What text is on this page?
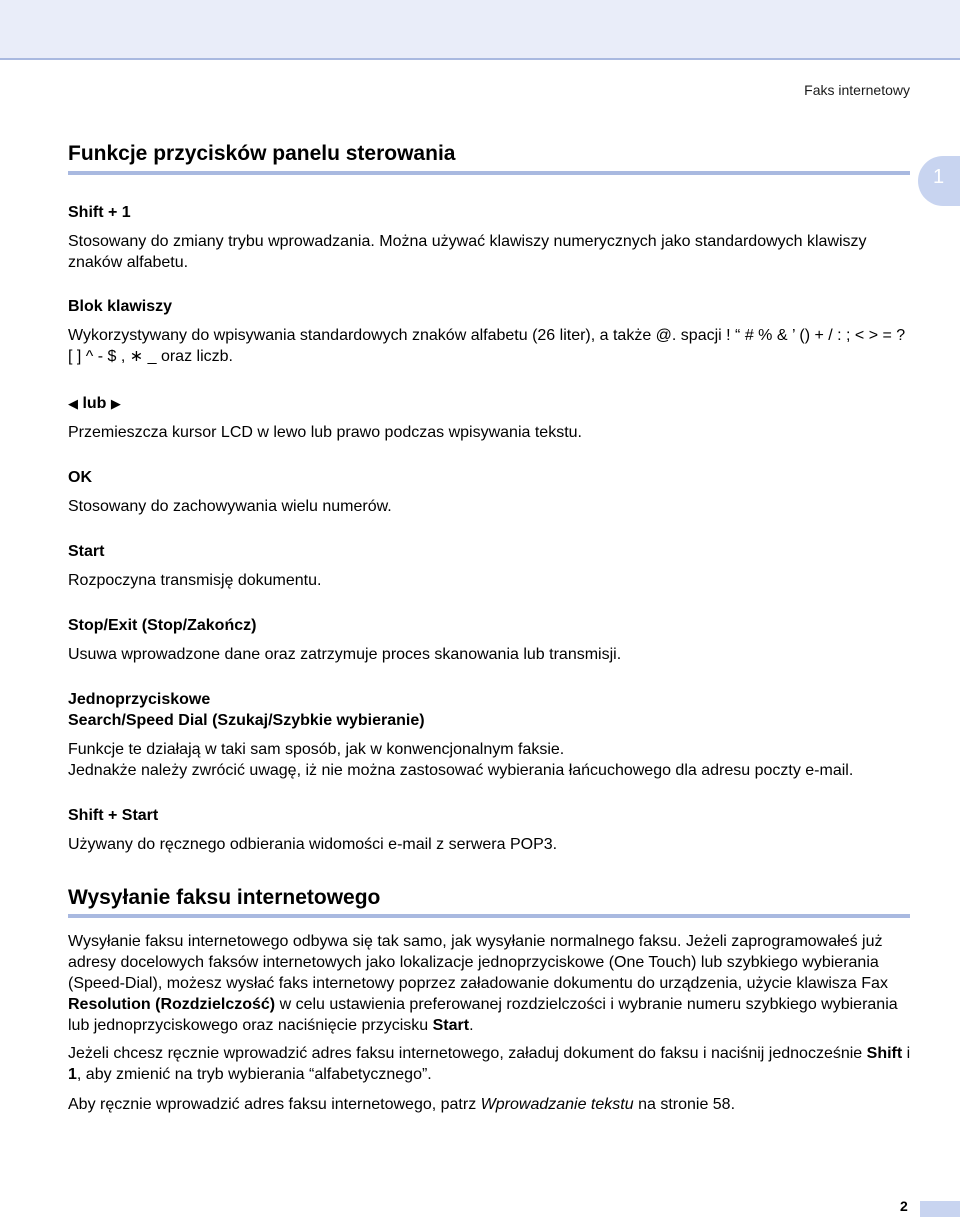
Faks internetowy
1
Funkcje przycisków panelu sterowania
Shift + 1
Stosowany do zmiany trybu wprowadzania. Można używać klawiszy numerycznych jako standardowych klawiszy znaków alfabetu.
Blok klawiszy
Wykorzystywany do wpisywania standardowych znaków alfabetu (26 liter), a także @. spacji ! “ # % & ’ () + / : ; < > = ? [ ] ^ - $ , ∗ _ oraz liczb.
◀ lub ▶
Przemieszcza kursor LCD w lewo lub prawo podczas wpisywania tekstu.
OK
Stosowany do zachowywania wielu numerów.
Start
Rozpoczyna transmisję dokumentu.
Stop/Exit (Stop/Zakończ)
Usuwa wprowadzone dane oraz zatrzymuje proces skanowania lub transmisji.
Jednoprzyciskowe
Search/Speed Dial (Szukaj/Szybkie wybieranie)
Funkcje te działają w taki sam sposób, jak w konwencjonalnym faksie.
Jednakże należy zwrócić uwagę, iż nie można zastosować wybierania łańcuchowego dla adresu poczty e-mail.
Shift + Start
Używany do ręcznego odbierania widomości e-mail z serwera POP3.
Wysyłanie faksu internetowego
Wysyłanie faksu internetowego odbywa się tak samo, jak wysyłanie normalnego faksu. Jeżeli zaprogramowałeś już adresy docelowych faksów internetowych jako lokalizacje jednoprzyciskowe (One Touch) lub szybkiego wybierania (Speed-Dial), możesz wysłać faks internetowy poprzez załadowanie dokumentu do urządzenia, użycie klawisza Fax Resolution (Rozdzielczość) w celu ustawienia preferowanej rozdzielczości i wybranie numeru szybkiego wybierania lub jednoprzyciskowego oraz naciśnięcie przycisku Start.
Jeżeli chcesz ręcznie wprowadzić adres faksu internetowego, załaduj dokument do faksu i naciśnij jednocześnie Shift i 1, aby zmienić na tryb wybierania “alfabetycznego”.
Aby ręcznie wprowadzić adres faksu internetowego, patrz Wprowadzanie tekstu na stronie 58.
2
